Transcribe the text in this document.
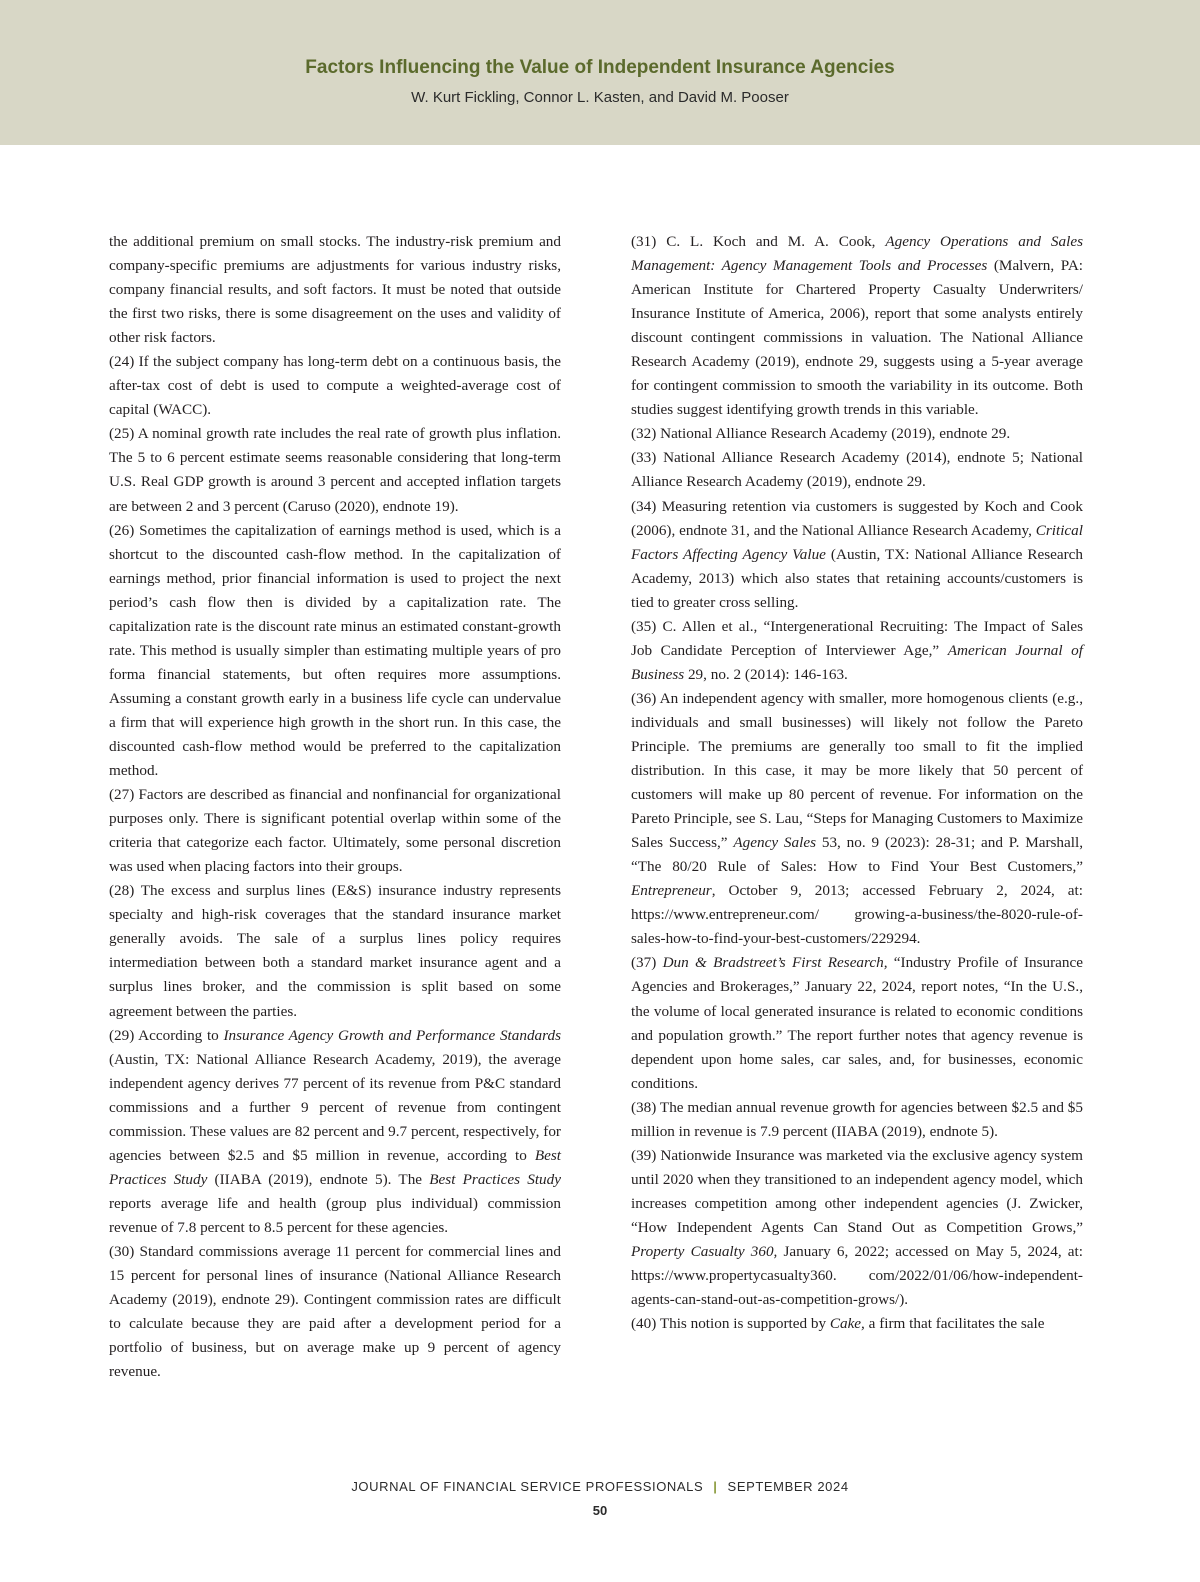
Factors Influencing the Value of Independent Insurance Agencies
W. Kurt Fickling, Connor L. Kasten, and David M. Pooser

the additional premium on small stocks. The industry-risk premium and company-specific premiums are adjustments for various industry risks, company financial results, and soft factors. It must be noted that outside the first two risks, there is some disagreement on the uses and validity of other risk factors.

(24) If the subject company has long-term debt on a continuous basis, the after-tax cost of debt is used to compute a weighted-average cost of capital (WACC).

(25) A nominal growth rate includes the real rate of growth plus inflation. The 5 to 6 percent estimate seems reasonable considering that long-term U.S. Real GDP growth is around 3 percent and accepted inflation targets are between 2 and 3 percent (Caruso (2020), endnote 19).

(26) Sometimes the capitalization of earnings method is used, which is a shortcut to the discounted cash-flow method. In the capitalization of earnings method, prior financial information is used to project the next period’s cash flow then is divided by a capitalization rate. The capitalization rate is the discount rate minus an estimated constant-growth rate. This method is usually simpler than estimating multiple years of pro forma financial statements, but often requires more assumptions. Assuming a constant growth early in a business life cycle can undervalue a firm that will experience high growth in the short run. In this case, the discounted cash-flow method would be preferred to the capitalization method.

(27) Factors are described as financial and nonfinancial for organizational purposes only. There is significant potential overlap within some of the criteria that categorize each factor. Ultimately, some personal discretion was used when placing factors into their groups.

(28) The excess and surplus lines (E&S) insurance industry represents specialty and high-risk coverages that the standard insurance market generally avoids. The sale of a surplus lines policy requires intermediation between both a standard market insurance agent and a surplus lines broker, and the commission is split based on some agreement between the parties.

(29) According to Insurance Agency Growth and Performance Standards (Austin, TX: National Alliance Research Academy, 2019), the average independent agency derives 77 percent of its revenue from P&C standard commissions and a further 9 percent of revenue from contingent commission. These values are 82 percent and 9.7 percent, respectively, for agencies between $2.5 and $5 million in revenue, according to Best Practices Study (IIABA (2019), endnote 5). The Best Practices Study reports average life and health (group plus individual) commission revenue of 7.8 percent to 8.5 percent for these agencies.

(30) Standard commissions average 11 percent for commercial lines and 15 percent for personal lines of insurance (National Alliance Research Academy (2019), endnote 29). Contingent commission rates are difficult to calculate because they are paid after a development period for a portfolio of business, but on average make up 9 percent of agency revenue.

(31) C. L. Koch and M. A. Cook, Agency Operations and Sales Management: Agency Management Tools and Processes (Malvern, PA: American Institute for Chartered Property Casualty Underwriters/ Insurance Institute of America, 2006), report that some analysts entirely discount contingent commissions in valuation. The National Alliance Research Academy (2019), endnote 29, suggests using a 5-year average for contingent commission to smooth the variability in its outcome. Both studies suggest identifying growth trends in this variable.

(32) National Alliance Research Academy (2019), endnote 29.

(33) National Alliance Research Academy (2014), endnote 5; National Alliance Research Academy (2019), endnote 29.

(34) Measuring retention via customers is suggested by Koch and Cook (2006), endnote 31, and the National Alliance Research Academy, Critical Factors Affecting Agency Value (Austin, TX: National Alliance Research Academy, 2013) which also states that retaining accounts/customers is tied to greater cross selling.

(35) C. Allen et al., “Intergenerational Recruiting: The Impact of Sales Job Candidate Perception of Interviewer Age,” American Journal of Business 29, no. 2 (2014): 146-163.

(36) An independent agency with smaller, more homogenous clients (e.g., individuals and small businesses) will likely not follow the Pareto Principle. The premiums are generally too small to fit the implied distribution. In this case, it may be more likely that 50 percent of customers will make up 80 percent of revenue. For information on the Pareto Principle, see S. Lau, “Steps for Managing Customers to Maximize Sales Success,” Agency Sales 53, no. 9 (2023): 28-31; and P. Marshall, “The 80/20 Rule of Sales: How to Find Your Best Customers,” Entrepreneur, October 9, 2013; accessed February 2, 2024, at: https://www.entrepreneur.com/ growing-a-business/the-8020-rule-of-sales-how-to-find-your-best-customers/229294.

(37) Dun & Bradstreet’s First Research, “Industry Profile of Insurance Agencies and Brokerages,” January 22, 2024, report notes, “In the U.S., the volume of local generated insurance is related to economic conditions and population growth.” The report further notes that agency revenue is dependent upon home sales, car sales, and, for businesses, economic conditions.

(38) The median annual revenue growth for agencies between $2.5 and $5 million in revenue is 7.9 percent (IIABA (2019), endnote 5).

(39) Nationwide Insurance was marketed via the exclusive agency system until 2020 when they transitioned to an independent agency model, which increases competition among other independent agencies (J. Zwicker, “How Independent Agents Can Stand Out as Competition Grows,” Property Casualty 360, January 6, 2022; accessed on May 5, 2024, at: https://www.propertycasualty360. com/2022/01/06/how-independent-agents-can-stand-out-as-competition-grows/).

(40) This notion is supported by Cake, a firm that facilitates the sale

JOURNAL OF FINANCIAL SERVICE PROFESSIONALS | SEPTEMBER 2024
50
